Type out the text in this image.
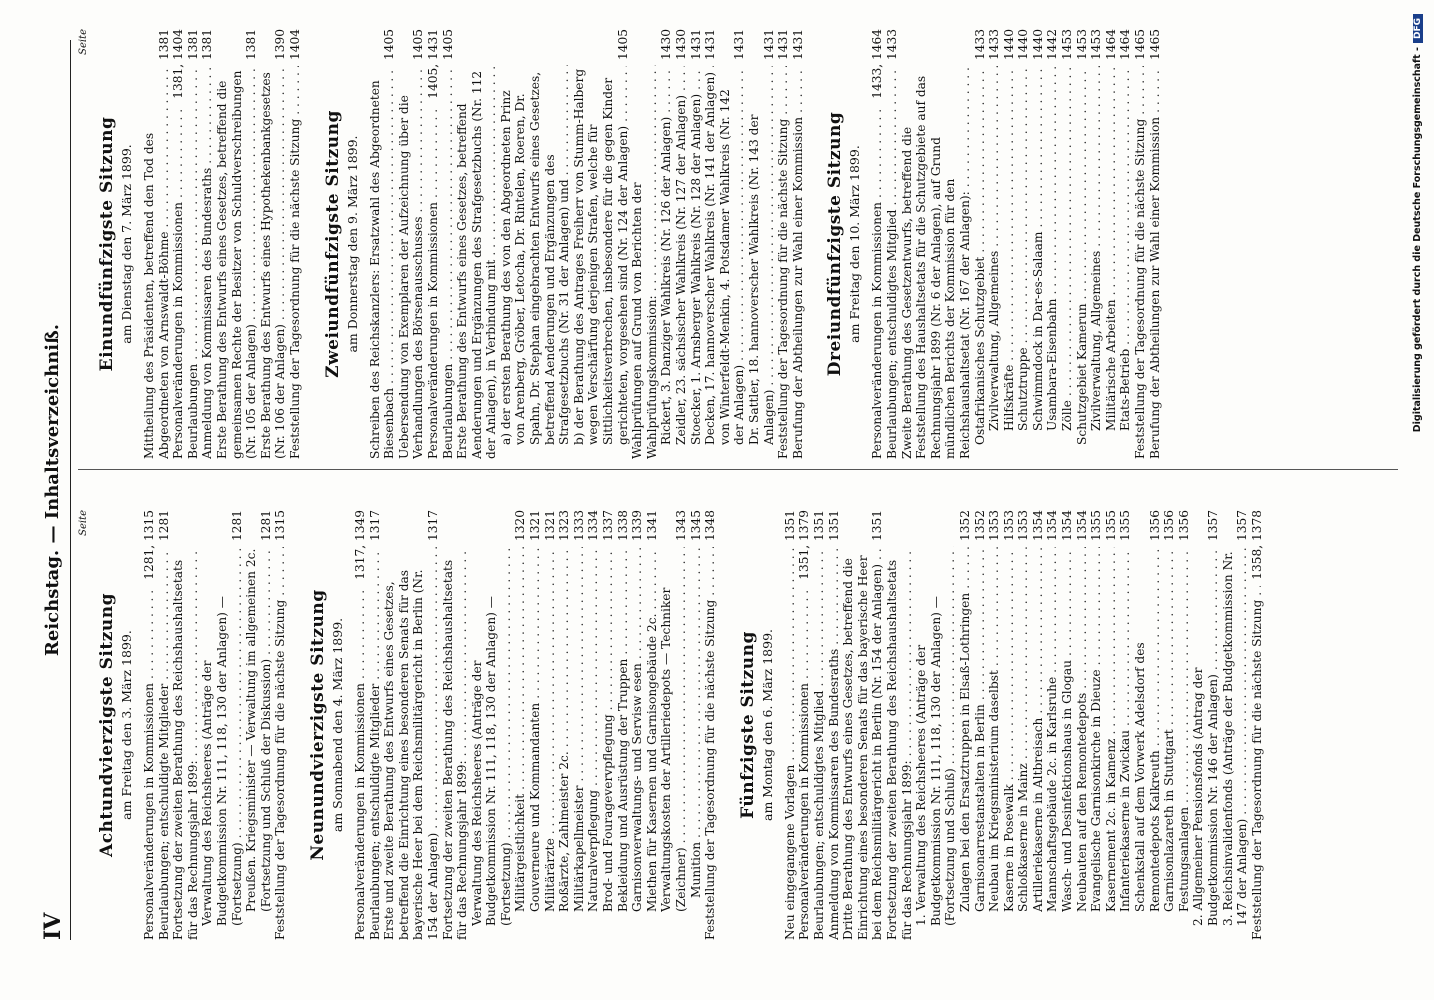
IV
Reichstag. — Inhaltsverzeichniß. Seite
Achtundvierzigste Sitzung am Freitag den 3. März 1899. Personalveränderungen in Kommissionen . . .
1281, 1315
Beurlaubungen; entschuldigte Mitglieder . . .
1281
Fortsetzung der zweiten Berathung des Reichshaushaltsetats für das Rechnungsjahr 1899: . . . Verwaltung des Reichsheeres (Anträge der Budgetkommission Nr. 111, 118, 130 der Anlagen) — (Fortsetzung) . . .
1281
Preußen. Kriegsminister — Verwaltung im allgemeinen 2c. (Fortsetzung und Schluß der Diskussion) . . .
1281
Feststellung der Tagesordnung für die nächste Sitzung . . .
1315
Neunundvierzigste Sitzung am Sonnabend den 4. März 1899. Personalveränderungen in Kommissionen . . .
1317, 1349
Beurlaubungen; entschuldigte Mitglieder . . .
1317
Erste und zweite Berathung des Entwurfs eines Gesetzes, betreffend die Einrichtung eines besonderen Senats für das bayerische Heer bei dem Reichsmilitärgericht in Berlin (Nr. 154 der Anlagen) . . .
1317
Fortsetzung der zweiten Berathung des Reichshaushaltsetats für das Rechnungsjahr 1899: . . . Verwaltung des Reichsheeres (Anträge der Budgetkommission Nr. 111, 118, 130 der Anlagen) — (Fortsetzung) . . . Militärgeistlichkeit . . .
1320
Gouverneure und Kommandanten . . .
1321
Militärärzte . . .
1321
Roßärzte, Zahlmeister 2c. . . .
1323
Militärkapellmeister . . .
1333
Naturalverpflegung . . .
1334
Brod- und Fouragevervpflegung . . .
1337
Bekleidung und Ausrüstung der Truppen . . .
1338
Garnisonverwaltungs- und Servisw esen . . .
1339
Miethen für Kasernen und Garnisongebäude 2c. . . .
1341
Verwaltungskosten der Artilleriedepots — Techniker (Zeichner) . . .
1343
Munition . . .
1345
Feststellung der Tagesordnung für die nächste Sitzung . . .
1348
Fünfzigste Sitzung am Montag den 6. März 1899.
Neu eingegangene Vorlagen . . .
1351
Personalveränderungen in Kommissionen . . .
1351, 1379
Beurlaubungen; entschuldigtes Mitglied . . .
1351
Anmeldung von Kommissaren des Bundesraths . . .
1351
Dritte Berathung des Entwurfs eines Gesetzes, betreffend die Einrichtung eines besonderen Senats für das bayerische Heer bei dem Reichsmilitärgericht in Berlin (Nr. 154 der Anlagen) . . .
1351
Fortsetzung der zweiten Berathung des Reichshaushaltsetats für das Rechnungsjahr 1899: . . . 1. Verwaltung des Reichsheeres (Anträge der Budgetkommission Nr. 111, 118, 130 der Anlagen) — (Fortsetzung und Schluß) . . . Zulagen bei den Ersatztruppen in Elsaß-Lothringen . . .
1352
Garnisonarrestanstalten in Berlin . . .
1352
Neubau im Kriegsministerium daselbst . . .
1353
Kaserne in Posewalk . . .
1353
Schloßkaserne in Mainz . . .
1353
Artilleriekaserne in Altbreisach . . .
1354
Mannschaftsgebäude 2c. in Karlsruhe . . .
1354
Wasch- und Desinfektionshaus in Glogau . . .
1354
Neubauten auf den Remontedepots . . .
1354
Evangelische Garnisonkirche in Dieuze . . .
1355
Kasernement 2c. in Kamenz . . .
1355
Infanteriekaserne in Zwickau . . .
1355
Schenkstall auf dem Vorwerk Adelsdorf des Remontedepots Kalkreuth . . .
1356
Garnisonlazareth in Stuttgart . . .
1356
Festungsanlagen . . .
1356
2. Allgemeiner Pensionsfonds (Antrag der Budgetkommission Nr. 146 der Anlagen) . . .
1357
3. Reichsinvalidenfonds (Anträge der Budgetkommission Nr. 147 der Anlagen) . . .
1357
Feststellung der Tagesordnung für die nächste Sitzung . . .
1358, 1378
Seite
Einundfünfzigste Sitzung am Dienstag den 7. März 1899. Mittheilung des Präsidenten, betreffend den Tod des Abgeordneten von Arnswaldt-Böhme . . .
1381
Personalveränderungen in Kommissionen . . .
1381, 1404
Beurlaubungen . . .
1381
Anmeldung von Kommissaren des Bundesraths . . .
1381
Erste Berathung des Entwurfs eines Gesetzes, betreffend die gemeinsamen Rechte der Besitzer von Schuldverschreibungen (Nr. 105 der Anlagen) . . .
1381
Erste Berathung des Entwurfs eines Hypothekenbankgesetzes (Nr. 106 der Anlagen) . . .
1390
Feststellung der Tagesordnung für die nächste Sitzung . . .
1404
Zweiundfünfzigste Sitzung am Donnerstag den 9. März 1899. Schreiben des Reichskanzlers: Ersatzwahl des Abgeordneten Biesenbach . . .
1405
Uebersendung von Exemplaren der Aufzeichnung über die Verhandlungen des Börsenausschusses . . .
1405
Personalveränderungen in Kommissionen . . .
1405, 1431
Beurlaubungen . . .
1405
Erste Berathung des Entwurfs eines Gesetzes, betreffend Aenderungen und Ergänzungen des Strafgesetzbuchs (Nr. 112 der Anlagen), in Verbindung mit . . . a) der ersten Berathung des von den Abgeordneten Prinz von Arenberg, Gröber, Letocha, Dr. Rintelen, Roeren, Dr. Spahn, Dr. Stephan eingebrachten Entwurfs eines Gesetzes, betreffend Aenderungen und Ergänzungen des Strafgesetzbuchs (Nr. 31 der Anlagen) und . . . b) der Berathung des Antrages Freiherr von Stumm-Halberg wegen Verschärfung derjenigen Strafen, welche für Sittlichkeitsverbrechen, insbesondere für die gegen Kinder gerichteten, vorgesehen sind (Nr. 124 der Anlagen) . . .
1405
Wahlprüfungen auf Grund von Berichten der Wahlprüfungskommission: . . . Rickert, 3. Danziger Wahlkreis (Nr. 126 der Anlagen) . . .
1430
Zeidler, 23. sächsischer Wahlkreis (Nr. 127 der Anlagen) . . .
1430
Stoecker, 1. Arnsberger Wahlkreis (Nr. 128 der Anlagen) . . .
1431
Decken, 17. hannoverscher Wahlkreis (Nr. 141 der Anlagen) . . .
1431
von Winterfeldt-Menkin, 4. Potsdamer Wahlkreis (Nr. 142 der Anlagen) . . .
1431
Dr. Sattler, 18. hannoverscher Wahlkreis (Nr. 143 der Anlagen) . . .
1431
Feststellung der Tagesordnung für die nächste Sitzung . . .
1431
Berufung der Abtheilungen zur Wahl einer Kommission . . .
1431
Dreiundfünfzigste Sitzung am Freitag den 10. März 1899. Personalveränderungen in Kommissionen . . .
1433, 1464
Beurlaubungen; entschuldigtes Mitglied . . .
1433
Zweite Berathung des Gesetzentwurfs, betreffend die Feststellung des Haushaltsetats für die Schutzgebiete auf das Rechnungsjahr 1899 (Nr. 6 der Anlagen), auf Grund mündlichen Berichts der Kommission für den Reichshaushaltsetat (Nr. 167 der Anlagen): . . . Ostafrikanisches Schutzgebiet . . .
1433
Zivilverwaltung, Allgemeines . . .
1433
Hilfskräfte . . .
1440
Schutztruppe . . .
1440
Schwimmdock in Dar-es-Salaam . . .
1440
Usambara-Eisenbahn . . .
1442
Zölle . . .
1453
Schutzgebiet Kamerun . . .
1453
Zivilverwaltung, Allgemeines . . .
1453
Militärische Arbeiten . . .
1464
Etats-Betrieb . . .
1464
Feststellung der Tagesordnung für die nächste Sitzung . . .
1465
Berufung der Abtheilungen zur Wahl einer Kommission . . .
1465
Digitalisierung gefördert durch die Deutsche Forschungsgemeinschaft -DFG
